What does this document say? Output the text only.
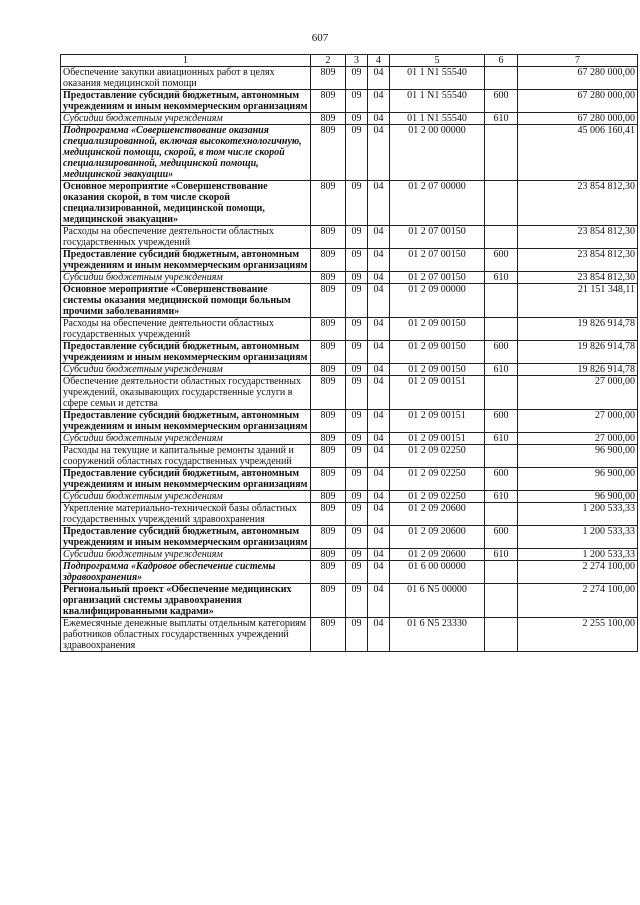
607
1	2	3	4	5	6	7
Обеспечение закупки авиационных работ в целях оказания медицинской помощи	809	09	04	01 1 N1 55540		67 280 000,00
Предоставление субсидий бюджетным, автономным учреждениям и иным некоммерческим организациям	809	09	04	01 1 N1 55540	600	67 280 000,00
Субсидии бюджетным учреждениям	809	09	04	01 1 N1 55540	610	67 280 000,00
Подпрограмма «Совершенствование оказания специализированной, включая высокотехнологичную, медицинской помощи, скорой, в том числе скорой специализированной, медицинской помощи, медицинской эвакуации»	809	09	04	01 2 00 00000		45 006 160,41
Основное мероприятие «Совершенствование оказания скорой, в том числе скорой специализированной, медицинской помощи, медицинской эвакуации»	809	09	04	01 2 07 00000		23 854 812,30
Расходы на обеспечение деятельности областных государственных учреждений	809	09	04	01 2 07 00150		23 854 812,30
Предоставление субсидий бюджетным, автономным учреждениям и иным некоммерческим организациям	809	09	04	01 2 07 00150	600	23 854 812,30
Субсидии бюджетным учреждениям	809	09	04	01 2 07 00150	610	23 854 812,30
Основное мероприятие «Совершенствование системы оказания медицинской помощи больным прочими заболеваниями»	809	09	04	01 2 09 00000		21 151 348,11
Расходы на обеспечение деятельности областных государственных учреждений	809	09	04	01 2 09 00150		19 826 914,78
Предоставление субсидий бюджетным, автономным учреждениям и иным некоммерческим организациям	809	09	04	01 2 09 00150	600	19 826 914,78
Субсидии бюджетным учреждениям	809	09	04	01 2 09 00150	610	19 826 914,78
Обеспечение деятельности областных государственных учреждений, оказывающих государственные услуги в сфере семьи и детства	809	09	04	01 2 09 00151		27 000,00
Предоставление субсидий бюджетным, автономным учреждениям и иным некоммерческим организациям	809	09	04	01 2 09 00151	600	27 000,00
Субсидии бюджетным учреждениям	809	09	04	01 2 09 00151	610	27 000,00
Расходы на текущие и капитальные ремонты зданий и сооружений областных государственных учреждений	809	09	04	01 2 09 02250		96 900,00
Предоставление субсидий бюджетным, автономным учреждениям и иным некоммерческим организациям	809	09	04	01 2 09 02250	600	96 900,00
Субсидии бюджетным учреждениям	809	09	04	01 2 09 02250	610	96 900,00
Укрепление материально-технической базы областных государственных учреждений здравоохранения	809	09	04	01 2 09 20600		1 200 533,33
Предоставление субсидий бюджетным, автономным учреждениям и иным некоммерческим организациям	809	09	04	01 2 09 20600	600	1 200 533,33
Субсидии бюджетным учреждениям	809	09	04	01 2 09 20600	610	1 200 533,33
Подпрограмма «Кадровое обеспечение системы здравоохранения»	809	09	04	01 6 00 00000		2 274 100,00
Региональный проект «Обеспечение медицинских организаций системы здравоохранения квалифицированными кадрами»	809	09	04	01 6 N5 00000		2 274 100,00
Ежемесячные денежные выплаты отдельным категориям работников областных государственных учреждений здравоохранения	809	09	04	01 6 N5 23330		2 255 100,00
